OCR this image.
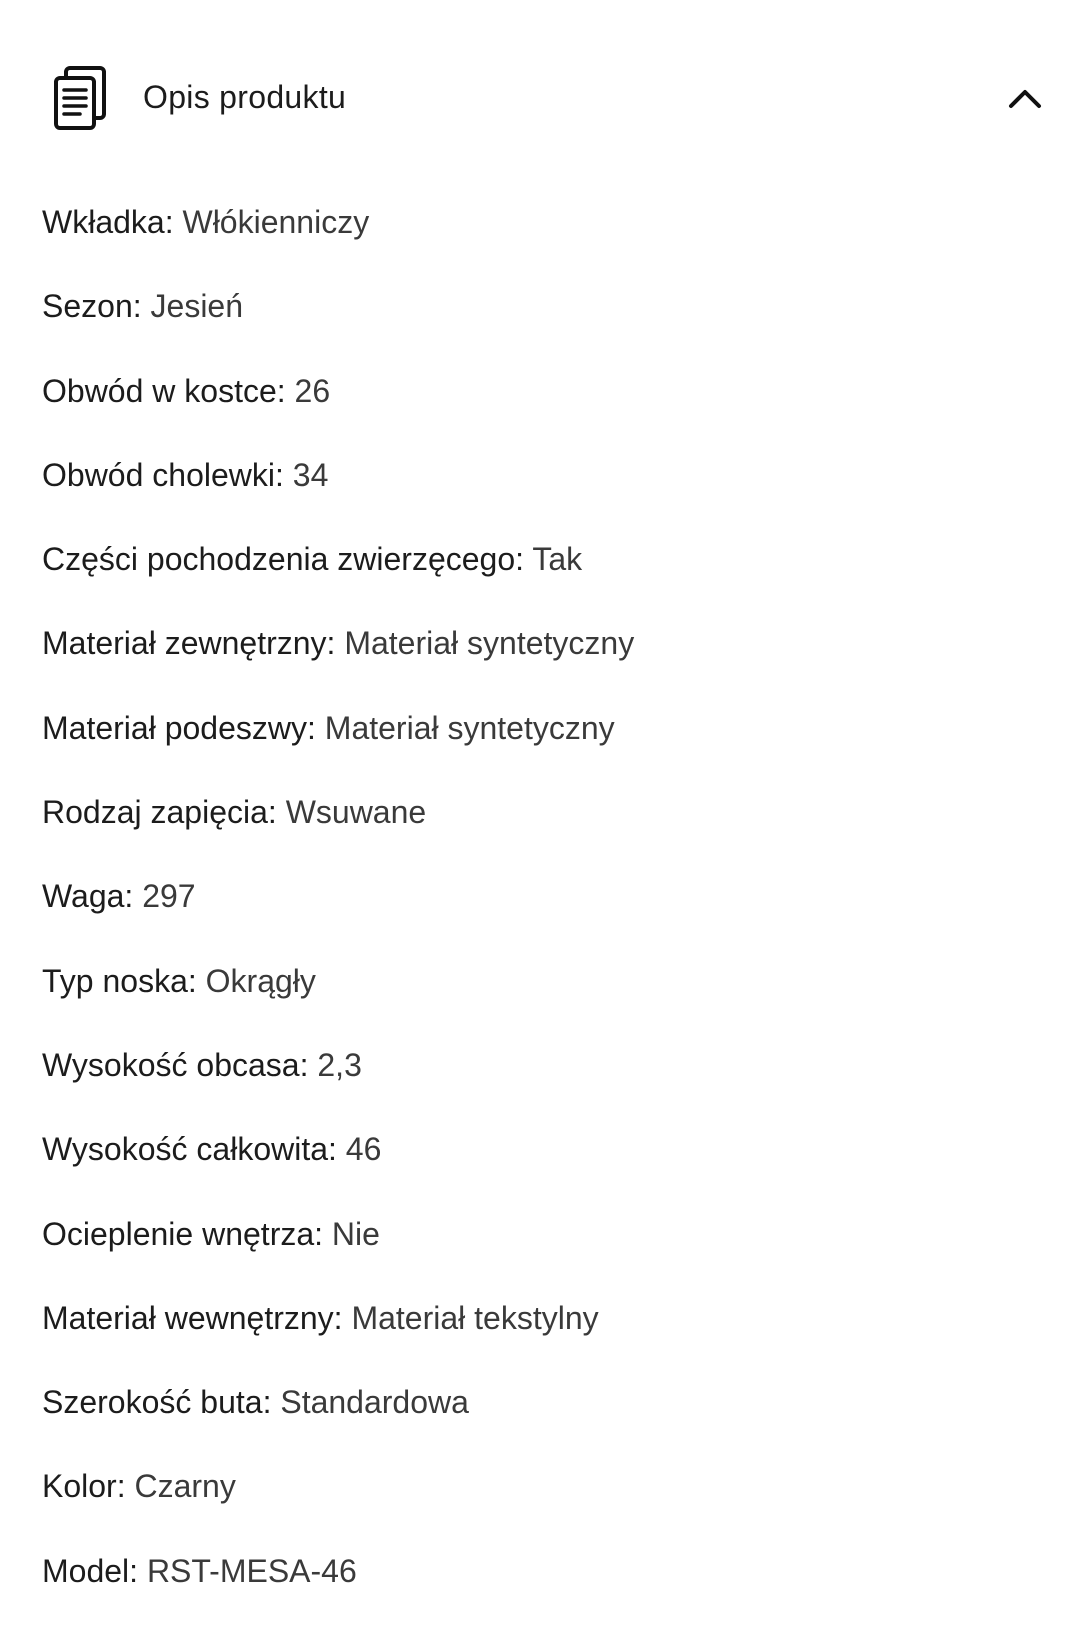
Opis produktu
Wkładka: Włókienniczy
Sezon: Jesień
Obwód w kostce: 26
Obwód cholewki: 34
Części pochodzenia zwierzęcego: Tak
Materiał zewnętrzny: Materiał syntetyczny
Materiał podeszwy: Materiał syntetyczny
Rodzaj zapięcia: Wsuwane
Waga: 297
Typ noska: Okrągły
Wysokość obcasa: 2,3
Wysokość całkowita: 46
Ocieplenie wnętrza: Nie
Materiał wewnętrzny: Materiał tekstylny
Szerokość buta: Standardowa
Kolor: Czarny
Model: RST-MESA-46
